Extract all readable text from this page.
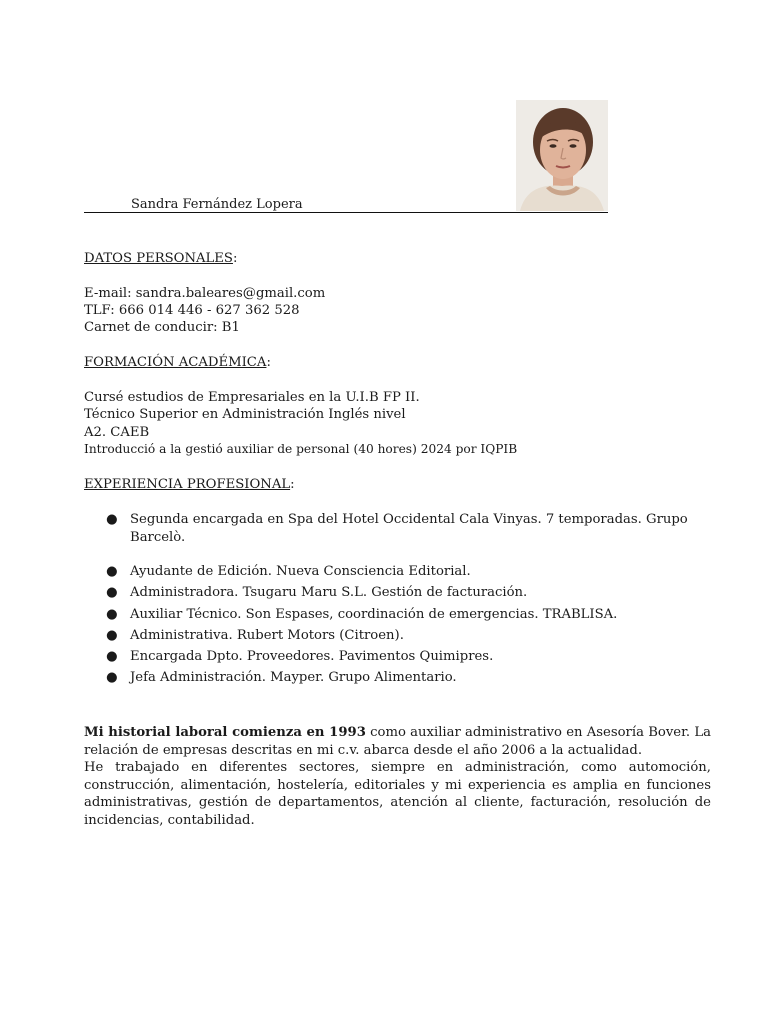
Sandra Fernández Lopera
DATOS PERSONALES:
E-mail: sandra.baleares@gmail.com
TLF: 666 014 446 - 627 362 528
Carnet de conducir: B1
FORMACIÓN ACADÉMICA:
Cursé estudios de Empresariales en la U.I.B FP II.
Técnico Superior en Administración Inglés nivel
A2. CAEB
Introducció a la gestió auxiliar de personal (40 hores) 2024 por IQPIB
EXPERIENCIA PROFESIONAL:
● Segunda encargada en Spa del Hotel Occidental Cala Vinyas. 7 temporadas. Grupo Barcelò.
● Ayudante de Edición. Nueva Consciencia Editorial.
● Administradora. Tsugaru Maru S.L. Gestión de facturación.
● Auxiliar Técnico. Son Espases, coordinación de emergencias. TRABLISA.
● Administrativa. Rubert Motors (Citroen).
● Encargada Dpto. Proveedores. Pavimentos Quimipres.
● Jefa Administración. Mayper. Grupo Alimentario.

Mi historial laboral comienza en 1993 como auxiliar administrativo en Asesoría Bover. La relación de empresas descritas en mi c.v. abarca desde el año 2006 a la actualidad.

He trabajado en diferentes sectores, siempre en administración, como automoción, construcción, alimentación, hostelería, editoriales y mi experiencia es amplia en funciones administrativas, gestión de departamentos, atención al cliente, facturación, resolución de incidencias, contabilidad.
